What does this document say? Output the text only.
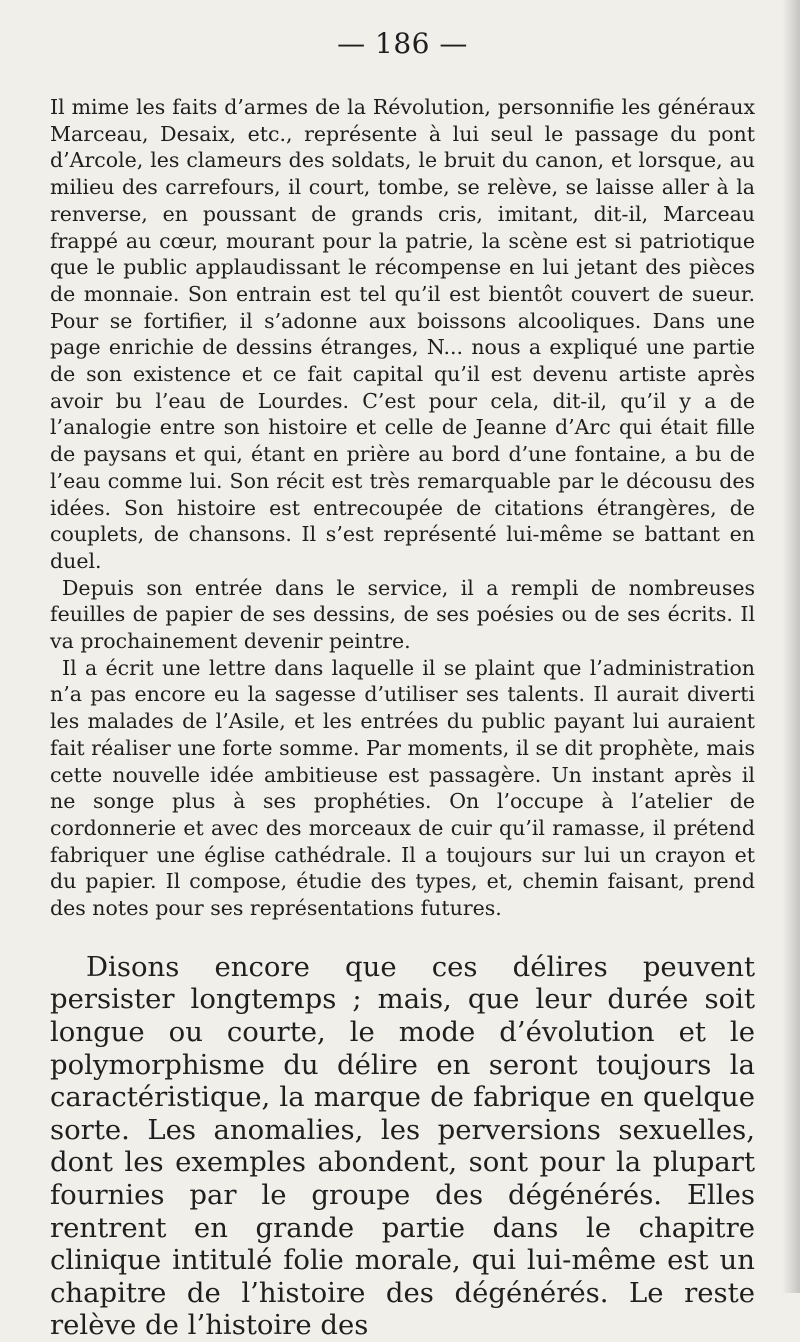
— 186 —

Il mime les faits d’armes de la Révolution, personnifie les généraux Marceau, Desaix, etc., représente à lui seul le passage du pont d’Arcole, les clameurs des soldats, le bruit du canon, et lorsque, au milieu des carrefours, il court, tombe, se relève, se laisse aller à la renverse, en poussant de grands cris, imitant, dit-il, Marceau frappé au cœur, mourant pour la patrie, la scène est si patriotique que le public applaudissant le récompense en lui jetant des pièces de monnaie. Son entrain est tel qu’il est bientôt couvert de sueur. Pour se fortifier, il s’adonne aux boissons alcooliques. Dans une page enrichie de dessins étranges, N... nous a expliqué une partie de son existence et ce fait capital qu’il est devenu artiste après avoir bu l’eau de Lourdes. C’est pour cela, dit-il, qu’il y a de l’analogie entre son histoire et celle de Jeanne d’Arc qui était fille de paysans et qui, étant en prière au bord d’une fontaine, a bu de l’eau comme lui. Son récit est très remarquable par le décousu des idées. Son histoire est entrecoupée de citations étrangères, de couplets, de chansons. Il s’est représenté lui-même se battant en duel.

Depuis son entrée dans le service, il a rempli de nombreuses feuilles de papier de ses dessins, de ses poésies ou de ses écrits. Il va prochainement devenir peintre.

Il a écrit une lettre dans laquelle il se plaint que l’administration n’a pas encore eu la sagesse d’utiliser ses talents. Il aurait diverti les malades de l’Asile, et les entrées du public payant lui auraient fait réaliser une forte somme. Par moments, il se dit prophète, mais cette nouvelle idée ambitieuse est passagère. Un instant après il ne songe plus à ses prophéties. On l’occupe à l’atelier de cordonnerie et avec des morceaux de cuir qu’il ramasse, il prétend fabriquer une église cathédrale. Il a toujours sur lui un crayon et du papier. Il compose, étudie des types, et, chemin faisant, prend des notes pour ses représentations futures.

Disons encore que ces délires peuvent persister longtemps ; mais, que leur durée soit longue ou courte, le mode d’évolution et le polymorphisme du délire en seront toujours la caractéristique, la marque de fabrique en quelque sorte. Les anomalies, les perversions sexuelles, dont les exemples abondent, sont pour la plupart fournies par le groupe des dégénérés. Elles rentrent en grande partie dans le chapitre clinique intitulé folie morale, qui lui-même est un chapitre de l’histoire des dégénérés. Le reste relève de l’histoire des
